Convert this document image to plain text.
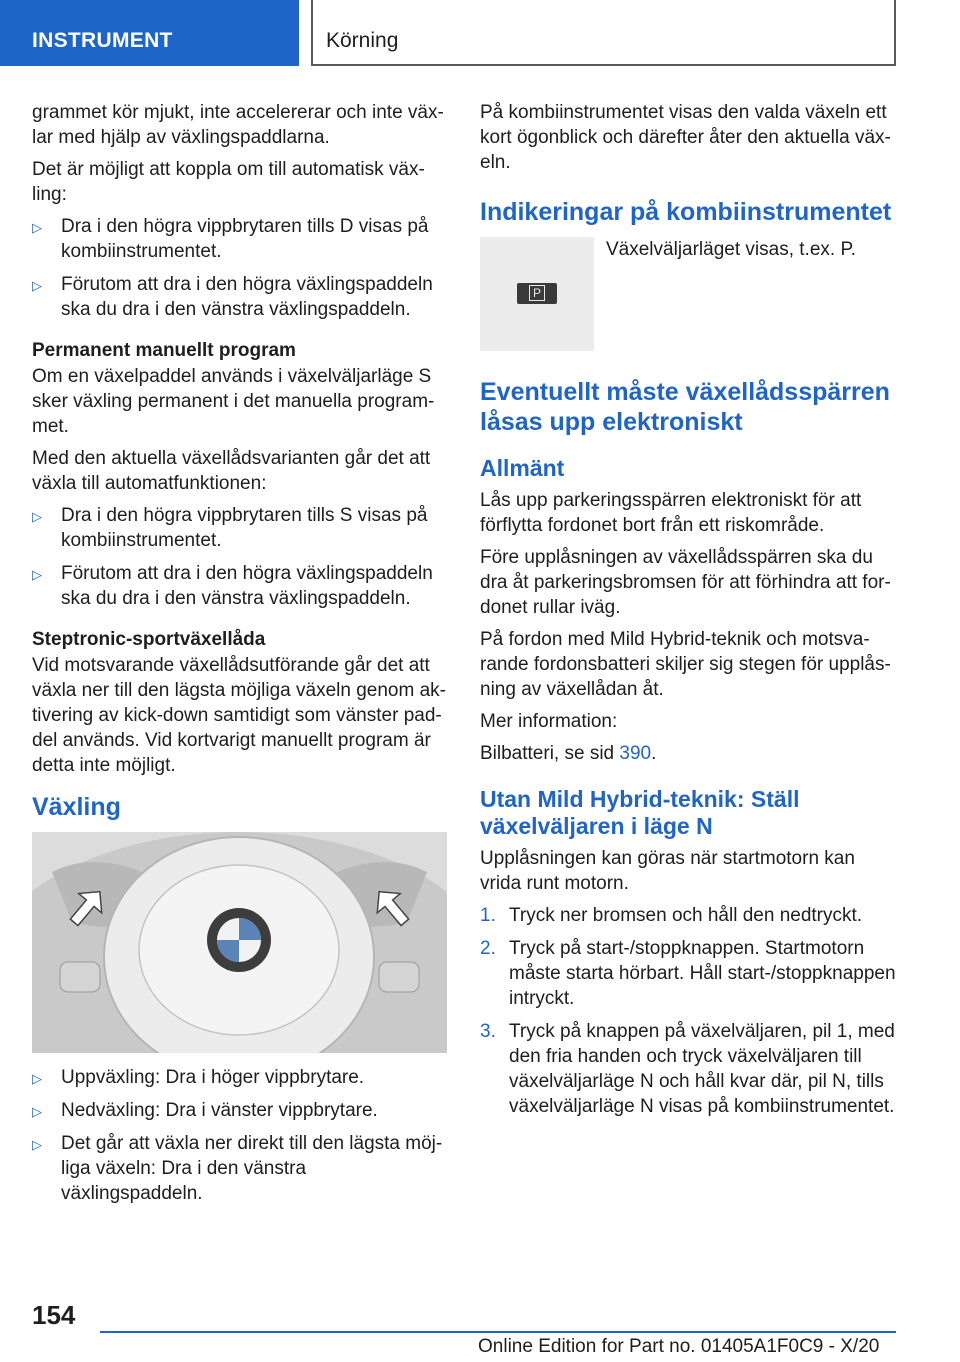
INSTRUMENT	Körning

grammet kör mjukt, inte accelererar och inte växlar med hjälp av växlingspaddlarna.

Det är möjligt att koppla om till automatisk växling:

▷ Dra i den högra vippbrytaren tills D visas på kombiinstrumentet.
▷ Förutom att dra i den högra växlingspaddeln ska du dra i den vänstra växlingspaddeln.

Permanent manuellt program

Om en växelpaddel används i växelväljarläge S sker växling permanent i det manuella programmet.

Med den aktuella växellådsvarianten går det att växla till automatfunktionen:

▷ Dra i den högra vippbrytaren tills S visas på kombiinstrumentet.
▷ Förutom att dra i den högra växlingspaddeln ska du dra i den vänstra växlingspaddeln.

Steptronic-sportväxellåda

Vid motsvarande växellådsutförande går det att växla ner till den lägsta möjliga växeln genom aktivering av kick-down samtidigt som vänster paddel används. Vid kortvarigt manuellt program är detta inte möjligt.

Växling
▷ Uppväxling: Dra i höger vippbrytare.
▷ Nedväxling: Dra i vänster vippbrytare.
▷ Det går att växla ner direkt till den lägsta möjliga växeln: Dra i den vänstra växlingspaddeln.

På kombiinstrumentet visas den valda växeln ett kort ögonblick och därefter åter den aktuella växeln.

Indikeringar på kombiinstrumentet
P
Växelväljarläget visas, t.ex. P.
Eventuellt måste växellådsspärren låsas upp elektroniskt
Allmänt

Lås upp parkeringsspärren elektroniskt för att förflytta fordonet bort från ett riskområde.

Före upplåsningen av växellådsspärren ska du dra åt parkeringsbromsen för att förhindra att fordonet rullar iväg.

På fordon med Mild Hybrid-teknik och motsvarande fordonsbatteri skiljer sig stegen för upplåsning av växellådan åt.

Mer information:

Bilbatteri, se sid 390.

Utan Mild Hybrid-teknik: Ställ växelväljaren i läge N

Upplåsningen kan göras när startmotorn kan vrida runt motorn.

1. Tryck ner bromsen och håll den nedtryckt.
2. Tryck på start-/stoppknappen. Startmotorn måste starta hörbart. Håll start-/stoppknappen intryckt.
3. Tryck på knappen på växelväljaren, pil 1, med den fria handen och tryck växelväljaren till växelväljarläge N och håll kvar där, pil N, tills växelväljarläge N visas på kombiinstrumentet.
154
Online Edition for Part no. 01405A1F0C9 - X/20
